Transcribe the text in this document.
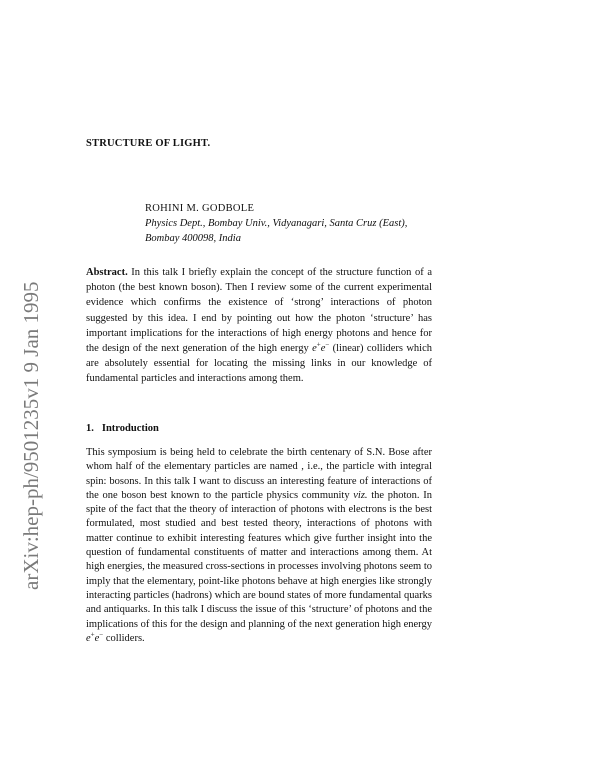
arXiv:hep-ph/9501235v1 9 Jan 1995
STRUCTURE OF LIGHT.
ROHINI M. GODBOLE
Physics Dept., Bombay Univ., Vidyanagari, Santa Cruz (East),
Bombay 400098, India
Abstract. In this talk I briefly explain the concept of the structure function of a photon (the best known boson). Then I review some of the current experimental evidence which confirms the existence of ‘strong’ interactions of photon suggested by this idea. I end by pointing out how the photon ‘structure’ has important implications for the interactions of high energy photons and hence for the design of the next generation of the high energy e+e− (linear) colliders which are absolutely essential for locating the missing links in our knowledge of fundamental particles and interactions among them.
1. Introduction
This symposium is being held to celebrate the birth centenary of S.N. Bose after whom half of the elementary particles are named , i.e., the particle with integral spin: bosons. In this talk I want to discuss an interesting feature of interactions of the one boson best known to the particle physics community viz. the photon. In spite of the fact that the theory of interaction of photons with electrons is the best formulated, most studied and best tested theory, interactions of photons with matter continue to exhibit interesting features which give further insight into the question of fundamental constituents of matter and interactions among them. At high energies, the measured cross-sections in processes involving photons seem to imply that the elementary, point-like photons behave at high energies like strongly interacting particles (hadrons) which are bound states of more fundamental quarks and antiquarks. In this talk I discuss the issue of this ‘structure’ of photons and the implications of this for the design and planning of the next generation high energy e+e− colliders.
